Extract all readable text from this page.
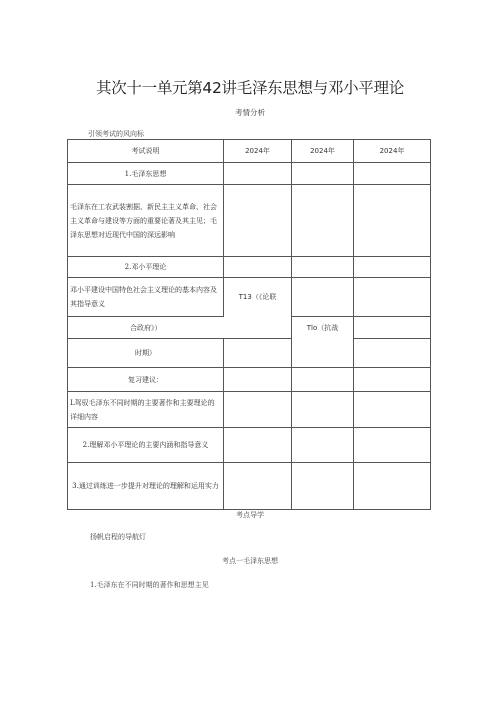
其次十一单元第42讲毛泽东思想与邓小平理论
考情分析
引领考试的风向标
考试说明	2024年	2024年	2024年
1.毛泽东思想			
毛泽东在工农武装割据、新民主主义革命、社会主义革命与建设等方面的重要论著及其主见；毛泽东思想对近现代中国的深远影响			
2.邓小平理论			
邓小平建设中国特色社会主义理论的基本内容及其指导意义	T13（《论联		
合政府》）		Tlo（抗战	
时期）			
复习建议：			
L驾驭毛泽东不同时期的主要著作和主要理论的详细内容			
2.理解邓小平理论的主要内涵和指导意义			
3.通过训练进一步提升对理论的理解和运用实力			
考点导学
扬帆启程的导航灯
考点一毛泽东思想
1.毛泽东在不同时期的著作和思想主见
